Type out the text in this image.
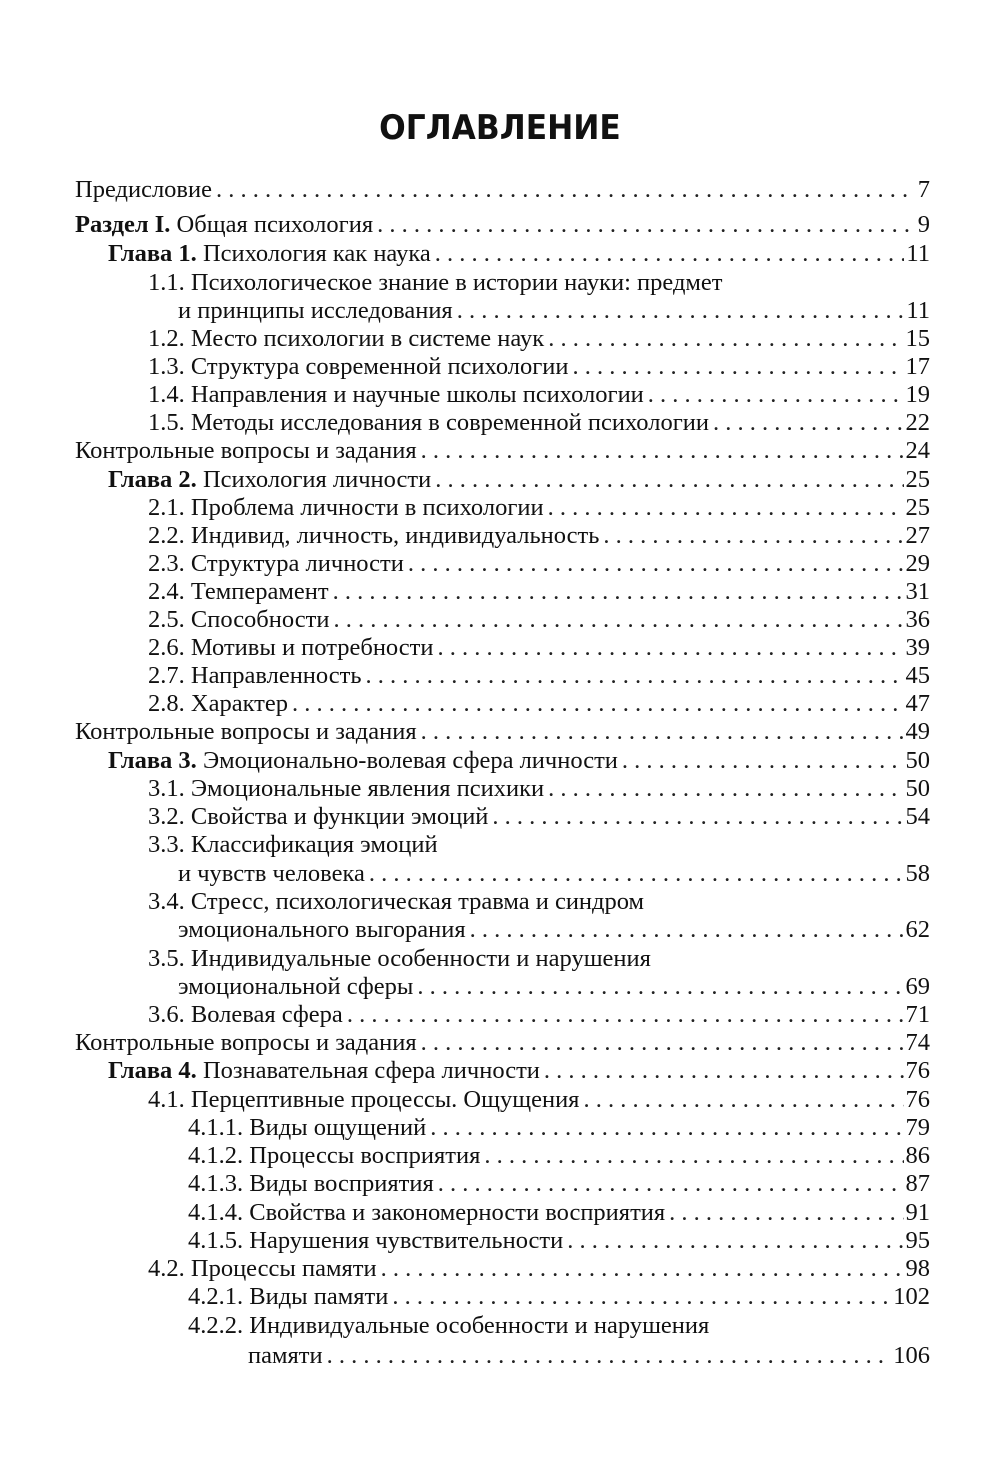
ОГЛАВЛЕНИЕ
Предисловие . . .	7
Раздел I. Общая психология . . .	9
Глава 1. Психология как наука . . .	11
1.1. Психологическое знание в истории науки: предмет
и принципы исследования . . .	11
1.2. Место психологии в системе наук . . .	15
1.3. Структура современной психологии . . .	17
1.4. Направления и научные школы психологии . . .	19
1.5. Методы исследования в современной психологии . . .	22
Контрольные вопросы и задания . . .	24
Глава 2. Психология личности . . .	25
2.1. Проблема личности в психологии . . .	25
2.2. Индивид, личность, индивидуальность . . .	27
2.3. Структура личности . . .	29
2.4. Темперамент . . .	31
2.5. Способности . . .	36
2.6. Мотивы и потребности . . .	39
2.7. Направленность . . .	45
2.8. Характер . . .	47
Контрольные вопросы и задания . . .	49
Глава 3. Эмоционально-волевая сфера личности . . .	50
3.1. Эмоциональные явления психики . . .	50
3.2. Свойства и функции эмоций . . .	54
3.3. Классификация эмоций
и чувств человека . . .	58
3.4. Стресс, психологическая травма и синдром
эмоционального выгорания . . .	62
3.5. Индивидуальные особенности и нарушения
эмоциональной сферы . . .	69
3.6. Волевая сфера . . .	71
Контрольные вопросы и задания . . .	74
Глава 4. Познавательная сфера личности . . .	76
4.1. Перцептивные процессы. Ощущения . . .	76
4.1.1. Виды ощущений . . .	79
4.1.2. Процессы восприятия . . .	86
4.1.3. Виды восприятия . . .	87
4.1.4. Свойства и закономерности восприятия . . .	91
4.1.5. Нарушения чувствительности . . .	95
4.2. Процессы памяти . . .	98
4.2.1. Виды памяти . . .	102
4.2.2. Индивидуальные особенности и нарушения
памяти . . .	106
